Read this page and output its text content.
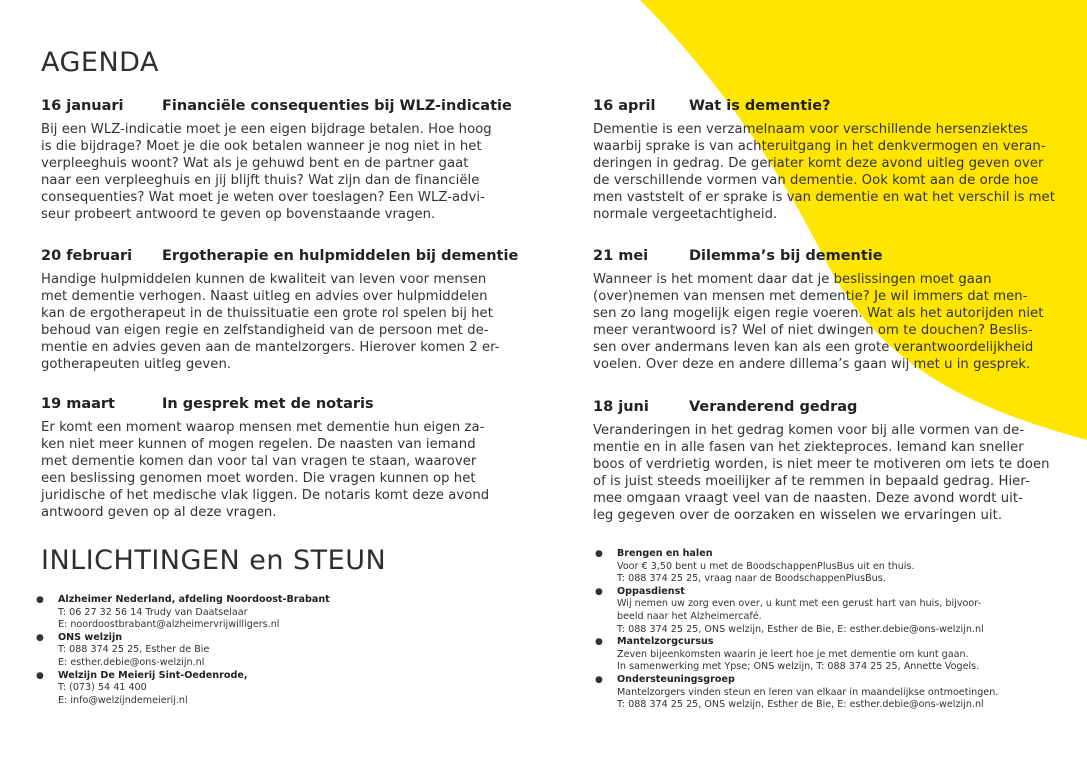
AGENDA
16 januari	Financiële consequenties bij WLZ-indicatie
Bij een WLZ-indicatie moet je een eigen bijdrage betalen. Hoe hoog
is die bijdrage? Moet je die ook betalen wanneer je nog niet in het
verpleeghuis woont? Wat als je gehuwd bent en de partner gaat
naar een verpleeghuis en jij blijft thuis? Wat zijn dan de financiële
consequenties? Wat moet je weten over toeslagen? Een WLZ-advi-
seur probeert antwoord te geven op bovenstaande vragen.
20 februari	Ergotherapie en hulpmiddelen bij dementie
Handige hulpmiddelen kunnen de kwaliteit van leven voor mensen
met dementie verhogen. Naast uitleg en advies over hulpmiddelen
kan de ergotherapeut in de thuissituatie een grote rol spelen bij het
behoud van eigen regie en zelfstandigheid van de persoon met de-
mentie en advies geven aan de mantelzorgers. Hierover komen 2 er-
gotherapeuten uitleg geven.
19 maart	In gesprek met de notaris
Er komt een moment waarop mensen met dementie hun eigen za-
ken niet meer kunnen of mogen regelen. De naasten van iemand
met dementie komen dan voor tal van vragen te staan, waarover
een beslissing genomen moet worden. Die vragen kunnen op het
juridische of het medische vlak liggen. De notaris komt deze avond
antwoord geven op al deze vragen.
16 april	Wat is dementie?
Dementie is een verzamelnaam voor verschillende hersenziektes
waarbij sprake is van achteruitgang in het denkvermogen en veran-
deringen in gedrag. De geriater komt deze avond uitleg geven over
de verschillende vormen van dementie. Ook komt aan de orde hoe
men vaststelt of er sprake is van dementie en wat het verschil is met
normale vergeetachtigheid.
21 mei	Dilemma’s bij dementie
Wanneer is het moment daar dat je beslissingen moet gaan
(over)nemen van mensen met dementie? Je wil immers dat men-
sen zo lang mogelijk eigen regie voeren. Wat als het autorijden niet
meer verantwoord is? Wel of niet dwingen om te douchen? Beslis-
sen over andermans leven kan als een grote verantwoordelijkheid
voelen. Over deze en andere dillema’s gaan wij met u in gesprek.
18 juni	Veranderend gedrag
Veranderingen in het gedrag komen voor bij alle vormen van de-
mentie en in alle fasen van het ziekteproces. Iemand kan sneller
boos of verdrietig worden, is niet meer te motiveren om iets te doen
of is juist steeds moeilijker af te remmen in bepaald gedrag. Hier-
mee omgaan vraagt veel van de naasten. Deze avond wordt uit-
leg gegeven over de oorzaken en wisselen we ervaringen uit.
INLICHTINGEN en STEUN
●	Alzheimer Nederland, afdeling Noordoost-Brabant
T: 06 27 32 56 14 Trudy van Daatselaar
E: noordoostbrabant@alzheimervrijwilligers.nl
●	ONS welzijn
T: 088 374 25 25, Esther de Bie
E: esther.debie@ons-welzijn.nl
●	Welzijn De Meierij Sint-Oedenrode,
T: (073) 54 41 400
E: info@welzijndemeierij.nl
●	Brengen en halen
Voor € 3,50 bent u met de BoodschappenPlusBus uit en thuis.
T: 088 374 25 25, vraag naar de BoodschappenPlusBus.
●	Oppasdienst
Wij nemen uw zorg even over, u kunt met een gerust hart van huis, bijvoor-
beeld naar het Alzheimercafé.
T: 088 374 25 25, ONS welzijn, Esther de Bie, E: esther.debie@ons-welzijn.nl
●	Mantelzorgcursus
Zeven bijeenkomsten waarin je leert hoe je met dementie om kunt gaan.
In samenwerking met Ypse; ONS welzijn, T: 088 374 25 25, Annette Vogels.
●	Ondersteuningsgroep
Mantelzorgers vinden steun en leren van elkaar in maandelijkse ontmoetingen.
T: 088 374 25 25, ONS welzijn, Esther de Bie, E: esther.debie@ons-welzijn.nl
